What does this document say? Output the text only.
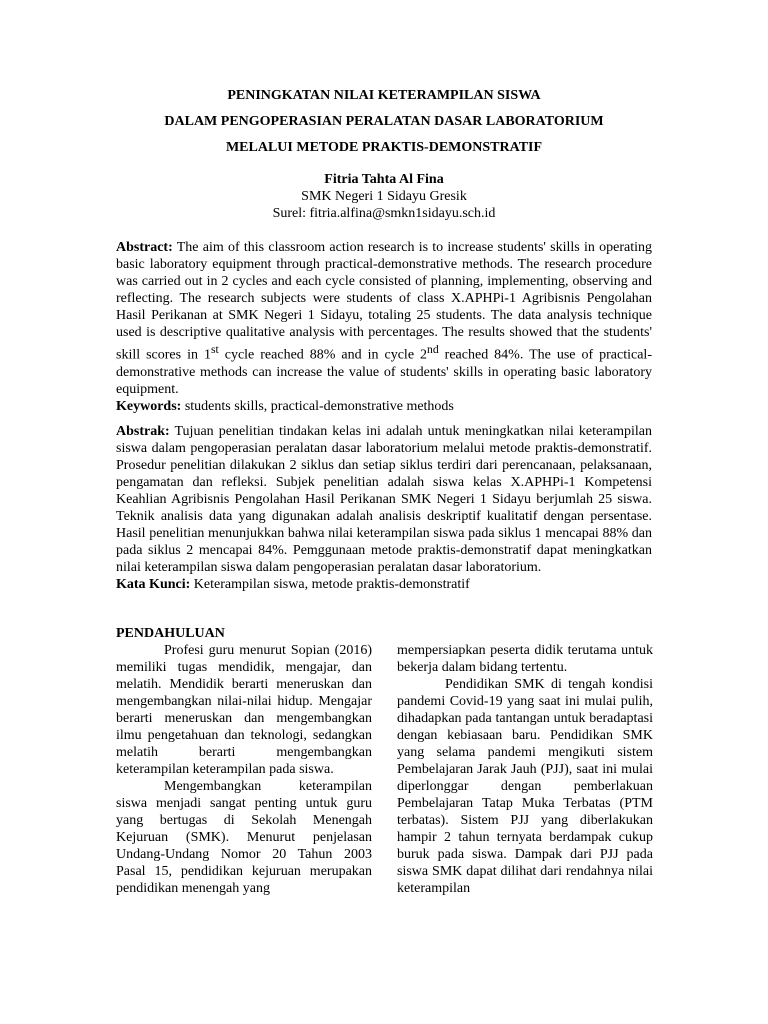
PENINGKATAN NILAI KETERAMPILAN SISWA
DALAM PENGOPERASIAN PERALATAN DASAR LABORATORIUM
MELALUI METODE PRAKTIS-DEMONSTRATIF
Fitria Tahta Al Fina
SMK Negeri 1 Sidayu Gresik
Surel: fitria.alfina@smkn1sidayu.sch.id
Abstract: The aim of this classroom action research is to increase students' skills in operating basic laboratory equipment through practical-demonstrative methods. The research procedure was carried out in 2 cycles and each cycle consisted of planning, implementing, observing and reflecting. The research subjects were students of class X.APHPi-1 Agribisnis Pengolahan Hasil Perikanan at SMK Negeri 1 Sidayu, totaling 25 students. The data analysis technique used is descriptive qualitative analysis with percentages. The results showed that the students' skill scores in 1st cycle reached 88% and in cycle 2nd reached 84%. The use of practical-demonstrative methods can increase the value of students' skills in operating basic laboratory equipment.
Keywords: students skills, practical-demonstrative methods
Abstrak: Tujuan penelitian tindakan kelas ini adalah untuk meningkatkan nilai keterampilan siswa dalam pengoperasian peralatan dasar laboratorium melalui metode praktis-demonstratif. Prosedur penelitian dilakukan 2 siklus dan setiap siklus terdiri dari perencanaan, pelaksanaan, pengamatan dan refleksi. Subjek penelitian adalah siswa kelas X.APHPi-1 Kompetensi Keahlian Agribisnis Pengolahan Hasil Perikanan SMK Negeri 1 Sidayu berjumlah 25 siswa. Teknik analisis data yang digunakan adalah analisis deskriptif kualitatif dengan persentase. Hasil penelitian menunjukkan bahwa nilai keterampilan siswa pada siklus 1 mencapai 88% dan pada siklus 2 mencapai 84%. Pemggunaan metode praktis-demonstratif dapat meningkatkan nilai keterampilan siswa dalam pengoperasian peralatan dasar laboratorium.
Kata Kunci: Keterampilan siswa, metode praktis-demonstratif
PENDAHULUAN

Profesi guru menurut Sopian (2016) memiliki tugas mendidik, mengajar, dan melatih. Mendidik berarti meneruskan dan mengembangkan nilai-nilai hidup. Mengajar berarti meneruskan dan mengembangkan ilmu pengetahuan dan teknologi, sedangkan melatih berarti mengembangkan keterampilan keterampilan pada siswa.

Mengembangkan keterampilan siswa menjadi sangat penting untuk guru yang bertugas di Sekolah Menengah Kejuruan (SMK). Menurut penjelasan Undang-Undang Nomor 20 Tahun 2003 Pasal 15, pendidikan kejuruan merupakan pendidikan menengah yang

mempersiapkan peserta didik terutama untuk bekerja dalam bidang tertentu.

Pendidikan SMK di tengah kondisi pandemi Covid-19 yang saat ini mulai pulih, dihadapkan pada tantangan untuk beradaptasi dengan kebiasaan baru. Pendidikan SMK yang selama pandemi mengikuti sistem Pembelajaran Jarak Jauh (PJJ), saat ini mulai diperlonggar dengan pemberlakuan Pembelajaran Tatap Muka Terbatas (PTM terbatas). Sistem PJJ yang diberlakukan hampir 2 tahun ternyata berdampak cukup buruk pada siswa. Dampak dari PJJ pada siswa SMK dapat dilihat dari rendahnya nilai keterampilan
